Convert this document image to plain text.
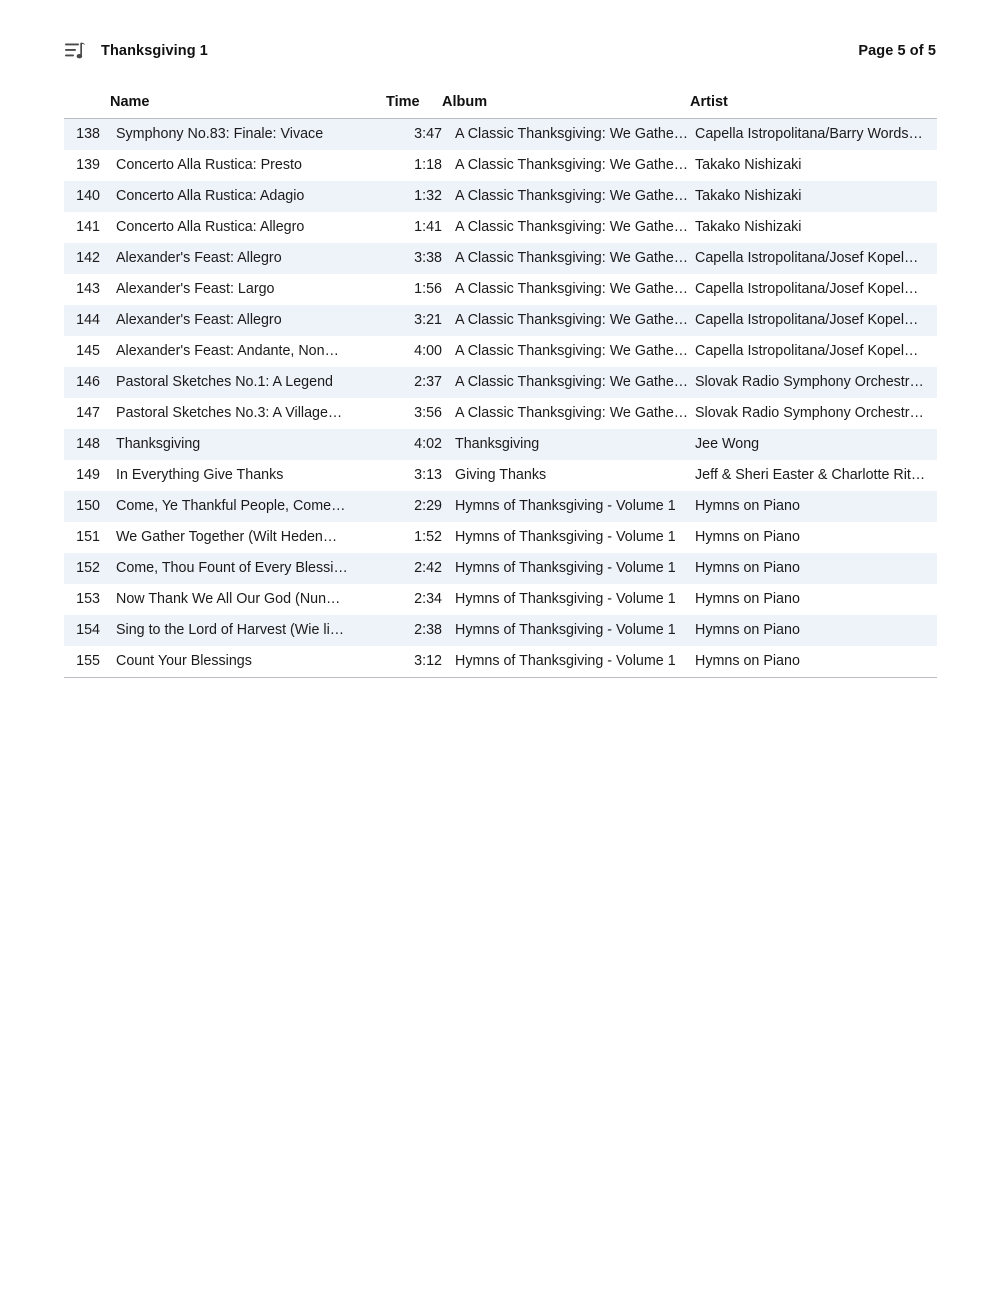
Thanksgiving 1	Page 5 of 5
	Name	Time	Album	Artist
138	Symphony No.83: Finale: Vivace	3:47	A Classic Thanksgiving: We Gathe…	Capella Istropolitana/Barry Words…
139	Concerto Alla Rustica: Presto	1:18	A Classic Thanksgiving: We Gathe…	Takako Nishizaki
140	Concerto Alla Rustica: Adagio	1:32	A Classic Thanksgiving: We Gathe…	Takako Nishizaki
141	Concerto Alla Rustica: Allegro	1:41	A Classic Thanksgiving: We Gathe…	Takako Nishizaki
142	Alexander's Feast: Allegro	3:38	A Classic Thanksgiving: We Gathe…	Capella Istropolitana/Josef Kopel…
143	Alexander's Feast: Largo	1:56	A Classic Thanksgiving: We Gathe…	Capella Istropolitana/Josef Kopel…
144	Alexander's Feast: Allegro	3:21	A Classic Thanksgiving: We Gathe…	Capella Istropolitana/Josef Kopel…
145	Alexander's Feast: Andante, Non…	4:00	A Classic Thanksgiving: We Gathe…	Capella Istropolitana/Josef Kopel…
146	Pastoral Sketches No.1: A Legend	2:37	A Classic Thanksgiving: We Gathe…	Slovak Radio Symphony Orchestr…
147	Pastoral Sketches No.3: A Village…	3:56	A Classic Thanksgiving: We Gathe…	Slovak Radio Symphony Orchestr…
148	Thanksgiving	4:02	Thanksgiving	Jee Wong
149	In Everything Give Thanks	3:13	Giving Thanks	Jeff & Sheri Easter & Charlotte Rit…
150	Come, Ye Thankful People, Come…	2:29	Hymns of Thanksgiving - Volume 1	Hymns on Piano
151	We Gather Together (Wilt Heden…	1:52	Hymns of Thanksgiving - Volume 1	Hymns on Piano
152	Come, Thou Fount of Every Blessi…	2:42	Hymns of Thanksgiving - Volume 1	Hymns on Piano
153	Now Thank We All Our God (Nun…	2:34	Hymns of Thanksgiving - Volume 1	Hymns on Piano
154	Sing to the Lord of Harvest (Wie li…	2:38	Hymns of Thanksgiving - Volume 1	Hymns on Piano
155	Count Your Blessings	3:12	Hymns of Thanksgiving - Volume 1	Hymns on Piano
